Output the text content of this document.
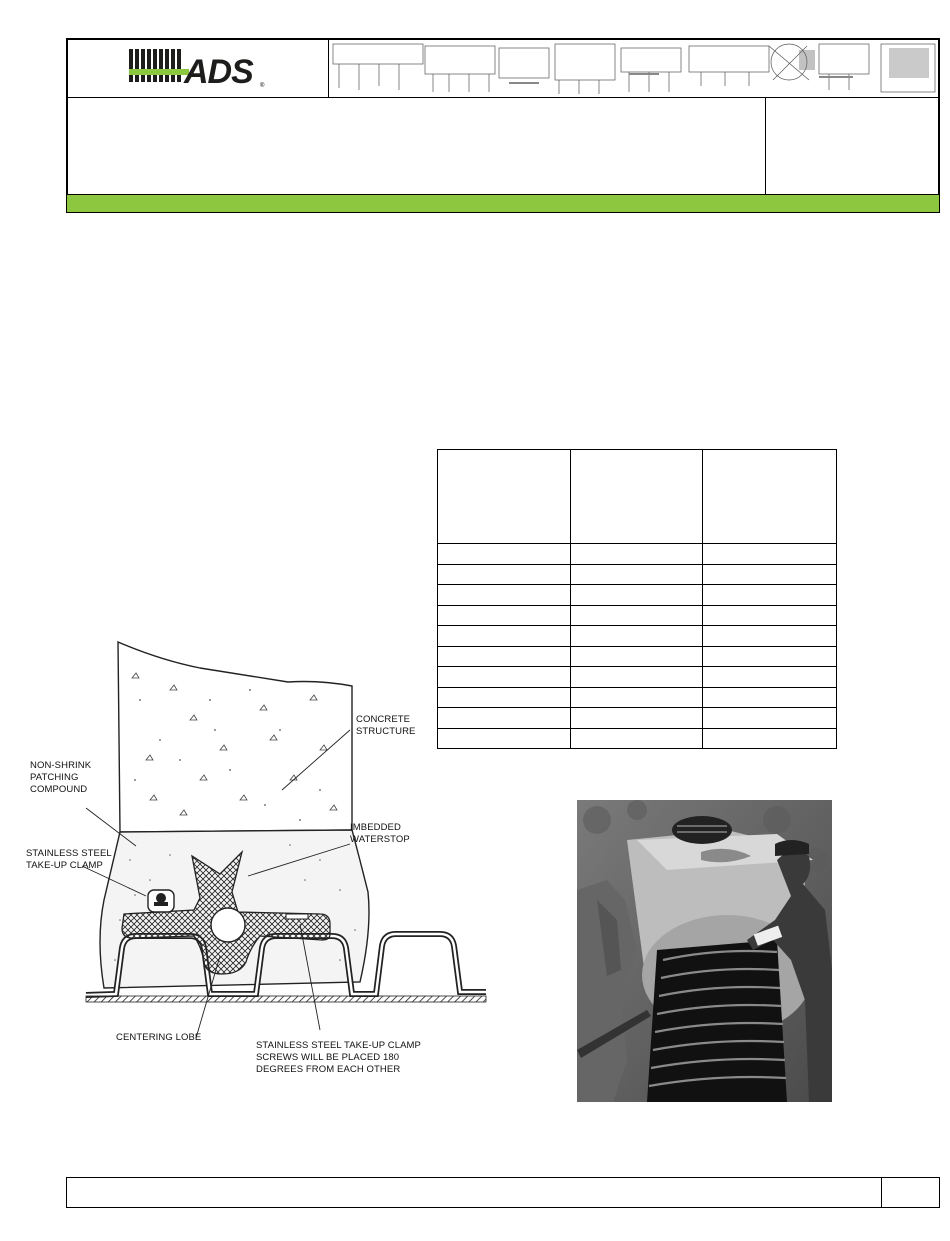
ADS ®

CONCRETE
STRUCTURE
NON-SHRINK
PATCHING
COMPOUND
STAINLESS STEEL
TAKE-UP CLAMP
IMBEDDED
WATERSTOP
CENTERING LOBE
STAINLESS STEEL TAKE-UP CLAMP
SCREWS WILL BE PLACED 180
DEGREES FROM EACH OTHER
